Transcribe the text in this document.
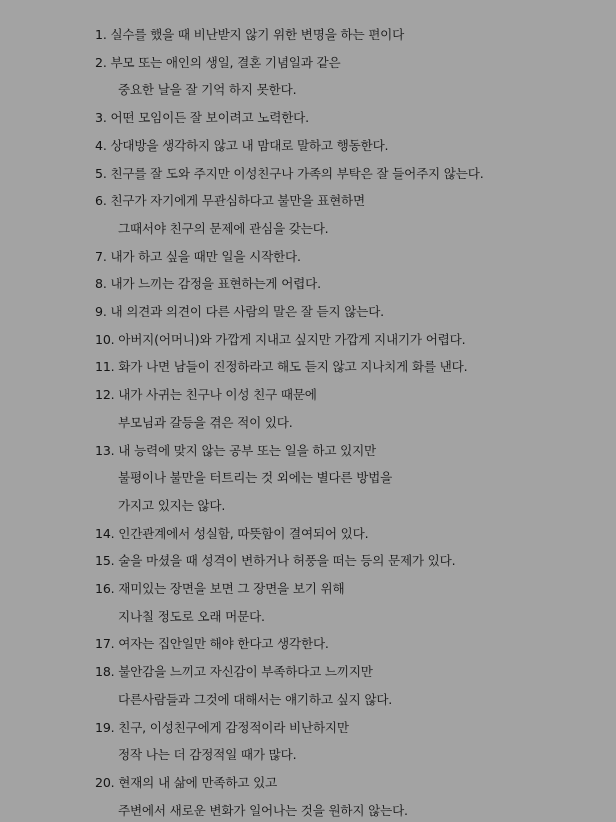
1. 실수를 했을 때 비난받지 않기 위한 변명을 하는 편이다
2. 부모 또는 애인의 생일, 결혼 기념일과 같은
중요한 날을 잘 기억 하지 못한다.
3. 어떤 모임이든 잘 보이려고 노력한다.
4. 상대방을 생각하지 않고 내 맘대로 말하고 행동한다.
5. 친구를 잘 도와 주지만 이성친구나 가족의 부탁은 잘 들어주지 않는다.
6. 친구가 자기에게 무관심하다고 불만을 표현하면
그때서야 친구의 문제에 관심을 갖는다.
7. 내가 하고 싶을 때만 일을 시작한다.
8. 내가 느끼는 감정을 표현하는게 어렵다.
9. 내 의견과 의견이 다른 사람의 말은 잘 듣지 않는다.
10. 아버지(어머니)와 가깝게 지내고 싶지만 가깝게 지내기가 어렵다.
11. 화가 나면 남들이 진정하라고 해도 듣지 않고 지나치게 화를 낸다.
12. 내가 사귀는 친구나 이성 친구 때문에
부모님과 갈등을 겪은 적이 있다.
13. 내 능력에 맞지 않는 공부 또는 일을 하고 있지만
불평이나 불만을 터트리는 것 외에는 별다른 방법을
가지고 있지는 않다.
14. 인간관계에서 성실함, 따뜻함이 결여되어 있다.
15. 술을 마셨을 때 성격이 변하거나 허풍을 떠는 등의 문제가 있다.
16. 재미있는 장면을 보면 그 장면을 보기 위해
지나칠 정도로 오래 머문다.
17. 여자는 집안일만 해야 한다고 생각한다.
18. 불안감을 느끼고 자신감이 부족하다고 느끼지만
다른사람들과 그것에 대해서는 얘기하고 싶지 않다.
19. 친구, 이성친구에게 감정적이라 비난하지만
정작 나는 더 감정적일 때가 많다.
20. 현재의 내 삶에 만족하고 있고
주변에서 새로운 변화가 일어나는 것을 원하지 않는다.
